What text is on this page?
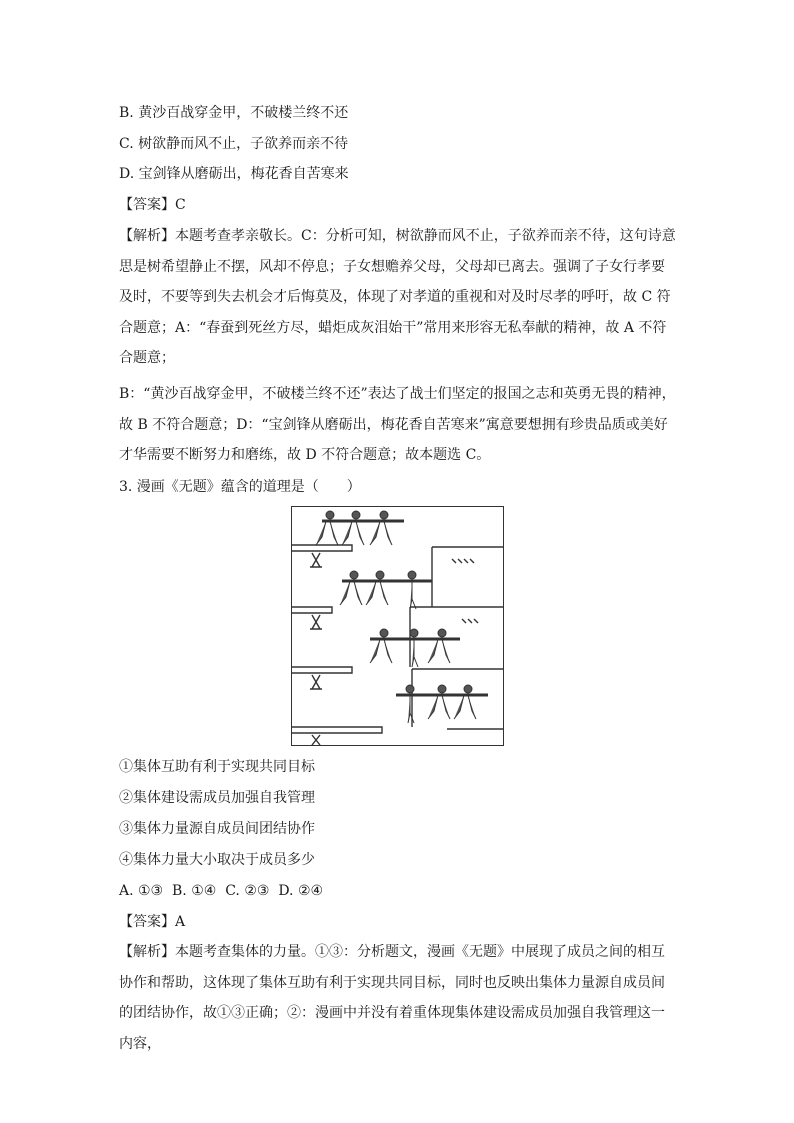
B. 黄沙百战穿金甲，不破楼兰终不还
C. 树欲静而风不止，子欲养而亲不待
D. 宝剑锋从磨砺出，梅花香自苦寒来
【答案】C
【解析】本题考查孝亲敬长。C：分析可知，树欲静而风不止，子欲养而亲不待，这句诗意思是树希望静止不摆，风却不停息；子女想赡养父母，父母却已离去。强调了子女行孝要及时，不要等到失去机会才后悔莫及，体现了对孝道的重视和对及时尽孝的呼吁，故 C 符合题意；A：“春蚕到死丝方尽，蜡炬成灰泪始干”常用来形容无私奉献的精神，故 A 不符合题意；
B：“黄沙百战穿金甲，不破楼兰终不还”表达了战士们坚定的报国之志和英勇无畏的精神，故 B 不符合题意；D：“宝剑锋从磨砺出，梅花香自苦寒来”寓意要想拥有珍贵品质或美好才华需要不断努力和磨练，故 D 不符合题意；故本题选 C。
3. 漫画《无题》蕴含的道理是（　　）
①集体互助有利于实现共同目标
②集体建设需成员加强自我管理
③集体力量源自成员间团结协作
④集体力量大小取决于成员多少
A. ①③  B. ①④  C. ②③  D. ②④
【答案】A
【解析】本题考查集体的力量。①③：分析题文，漫画《无题》中展现了成员之间的相互协作和帮助，这体现了集体互助有利于实现共同目标，同时也反映出集体力量源自成员间的团结协作，故①③正确；②：漫画中并没有着重体现集体建设需成员加强自我管理这一内容，
